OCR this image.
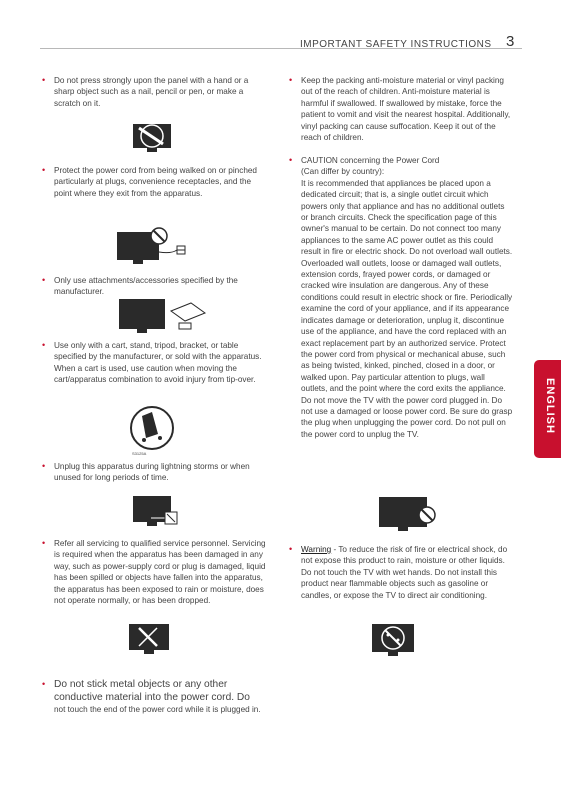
IMPORTANT SAFETY INSTRUCTIONS 3
ENGLISH
• Do not press strongly upon the panel with a hand or a sharp object such as a nail, pencil or pen, or make a scratch on it.

• Protect the power cord from being walked on or pinched particularly at plugs, convenience receptacles, and the point where they exit from the apparatus.

• Only use attachments/accessories specified by the manufacturer.

• Use only with a cart, stand, tripod, bracket, or table specified by the manufacturer, or sold with the apparatus. When a cart is used, use caution when moving the cart/apparatus combination to avoid injury from tip-over.

S3125A
• Unplug this apparatus during lightning storms or when unused for long periods of time.

• Refer all servicing to qualified service personnel. Servicing is required when the apparatus has been damaged in any way, such as power-supply cord or plug is damaged, liquid has been spilled or objects have fallen into the apparatus, the apparatus has been exposed to rain or moisture, does not operate normally, or has been dropped.

• Do not stick metal objects or any other conductive material into the power cord. Do

not touch the end of the power cord while it is plugged in.

• Keep the packing anti-moisture material or vinyl packing out of the reach of children. Anti-moisture material is harmful if swallowed. If swallowed by mistake, force the patient to vomit and visit the nearest hospital. Additionally, vinyl packing can cause suffocation. Keep it out of the reach of children.

• CAUTION concerning the Power Cord

(Can differ by country):

It is recommended that appliances be placed upon a dedicated circuit; that is, a single outlet circuit which powers only that appliance and has no additional outlets or branch circuits. Check the specification page of this owner's manual to be certain. Do not connect too many appliances to the same AC power outlet as this could result in fire or electric shock. Do not overload wall outlets. Overloaded wall outlets, loose or damaged wall outlets, extension cords, frayed power cords, or damaged or cracked wire insulation are dangerous. Any of these conditions could result in electric shock or fire. Periodically examine the cord of your appliance, and if its appearance indicates damage or deterioration, unplug it, discontinue use of the appliance, and have the cord replaced with an exact replacement part by an authorized service. Protect the power cord from physical or mechanical abuse, such as being twisted, kinked, pinched, closed in a door, or walked upon. Pay particular attention to plugs, wall outlets, and the point where the cord exits the appliance. Do not move the TV with the power cord plugged in. Do not use a damaged or loose power cord. Be sure do grasp the plug when unplugging the power cord. Do not pull on the power cord to unplug the TV.

• Warning - To reduce the risk of fire or electrical shock, do not expose this product to rain, moisture or other liquids. Do not touch the TV with wet hands. Do not install this product near flammable objects such as gasoline or candles, or expose the TV to direct air conditioning.
